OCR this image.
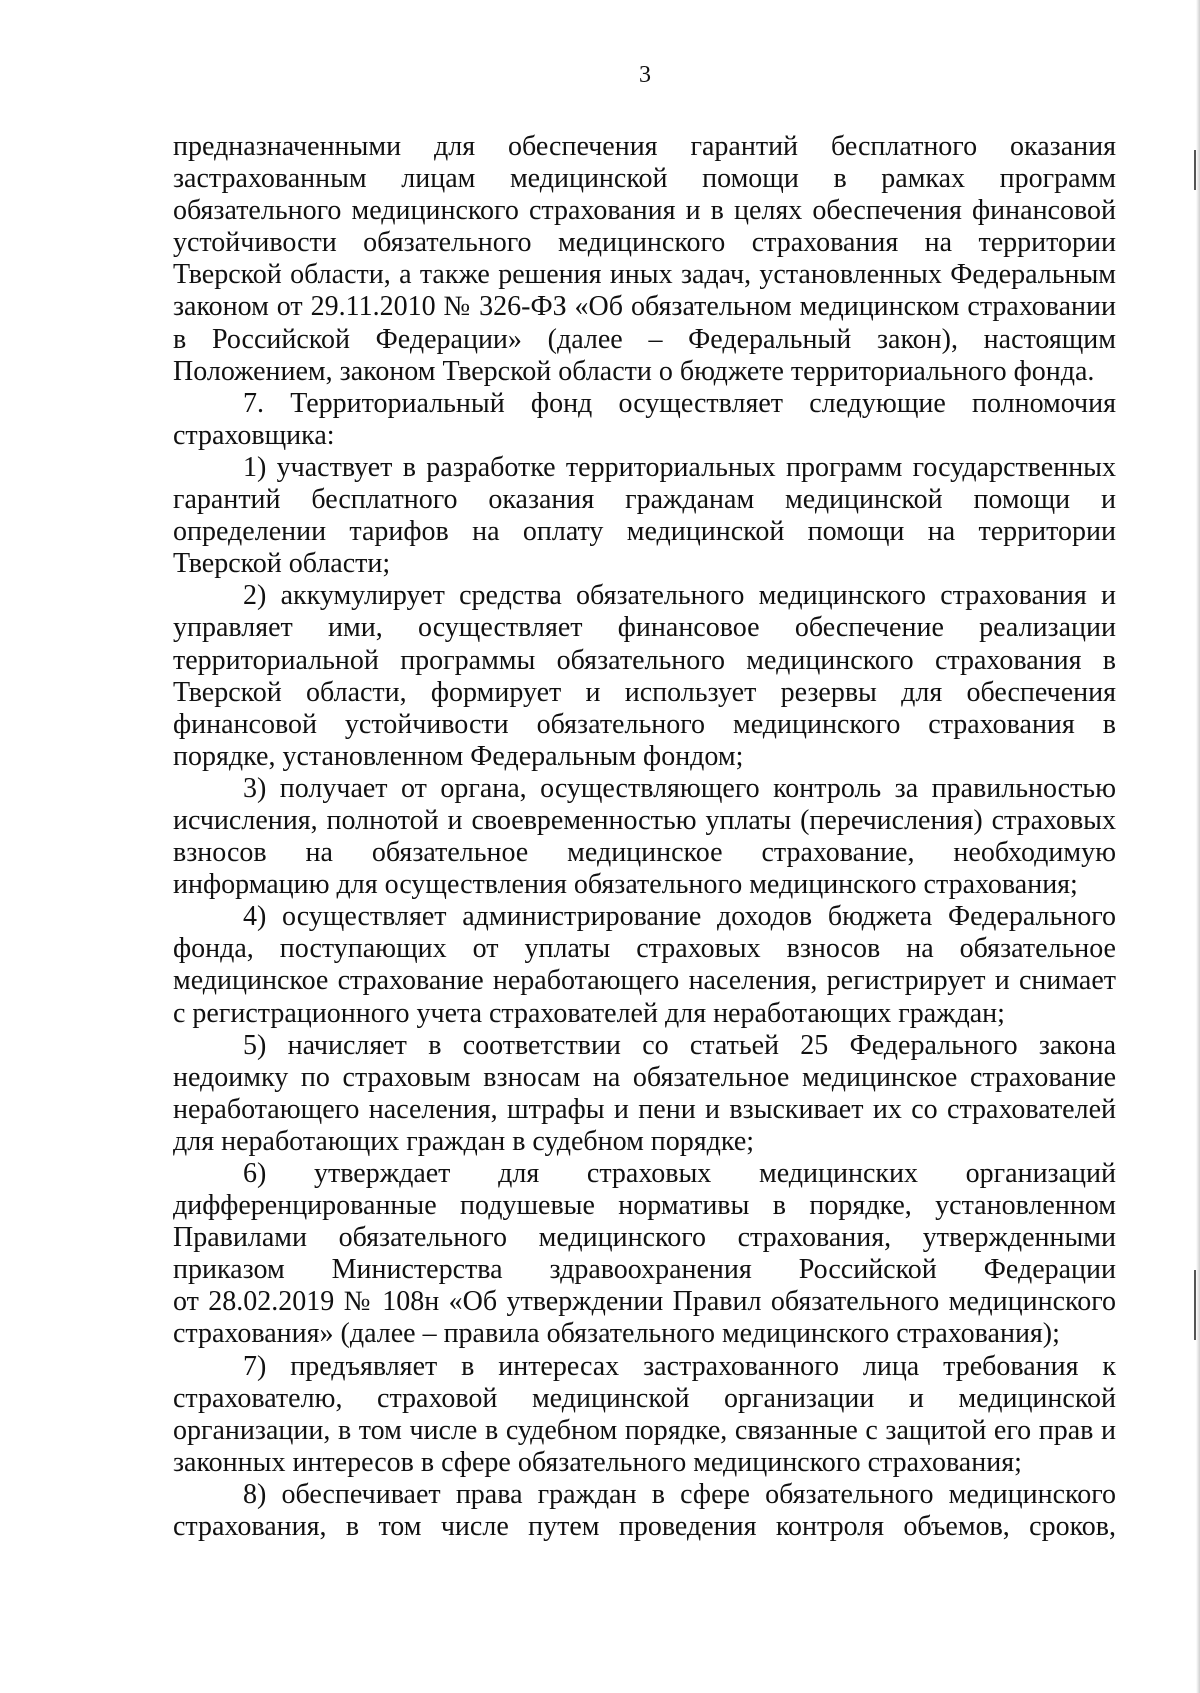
3
предназначенными для обеспечения гарантий бесплатного оказания
застрахованным лицам медицинской помощи в рамках программ
обязательного медицинского страхования и в целях обеспечения финансовой
устойчивости обязательного медицинского страхования на территории
Тверской области, а также решения иных задач, установленных Федеральным
законом от 29.11.2010 № 326-ФЗ «Об обязательном медицинском страховании
в Российской Федерации» (далее – Федеральный закон), настоящим
Положением, законом Тверской области о бюджете территориального фонда.
7. Территориальный фонд осуществляет следующие полномочия
страховщика:
1) участвует в разработке территориальных программ государственных
гарантий бесплатного оказания гражданам медицинской помощи и
определении тарифов на оплату медицинской помощи на территории
Тверской области;
2) аккумулирует средства обязательного медицинского страхования и
управляет ими, осуществляет финансовое обеспечение реализации
территориальной программы обязательного медицинского страхования в
Тверской области, формирует и использует резервы для обеспечения
финансовой устойчивости обязательного медицинского страхования в
порядке, установленном Федеральным фондом;
3) получает от органа, осуществляющего контроль за правильностью
исчисления, полнотой и своевременностью уплаты (перечисления) страховых
взносов на обязательное медицинское страхование, необходимую
информацию для осуществления обязательного медицинского страхования;
4) осуществляет администрирование доходов бюджета Федерального
фонда, поступающих от уплаты страховых взносов на обязательное
медицинское страхование неработающего населения, регистрирует и снимает
с регистрационного учета страхователей для неработающих граждан;
5) начисляет в соответствии со статьей 25 Федерального закона
недоимку по страховым взносам на обязательное медицинское страхование
неработающего населения, штрафы и пени и взыскивает их со страхователей
для неработающих граждан в судебном порядке;
6) утверждает для страховых медицинских организаций
дифференцированные подушевые нормативы в порядке, установленном
Правилами обязательного медицинского страхования, утвержденными
приказом Министерства здравоохранения Российской Федерации
от 28.02.2019 № 108н «Об утверждении Правил обязательного медицинского
страхования» (далее – правила обязательного медицинского страхования);
7) предъявляет в интересах застрахованного лица требования к
страхователю, страховой медицинской организации и медицинской
организации, в том числе в судебном порядке, связанные с защитой его прав и
законных интересов в сфере обязательного медицинского страхования;
8) обеспечивает права граждан в сфере обязательного медицинского
страхования, в том числе путем проведения контроля объемов, сроков,
